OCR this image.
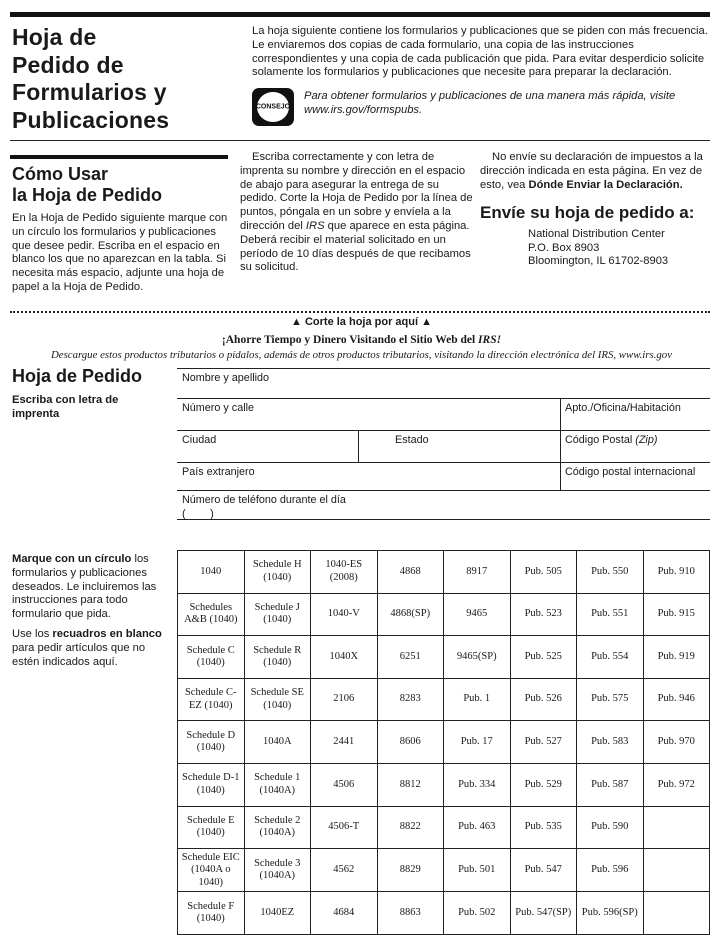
Hoja de
Pedido de
Formularios y
Publicaciones
La hoja siguiente contiene los formularios y publicaciones que se piden con más frecuencia. Le enviaremos dos copias de cada formulario, una copia de las instrucciones correspondientes y una copia de cada publicación que pida. Para evitar desperdicio solicite solamente los formularios y publicaciones que necesite para preparar la declaración.
CONSEJO
Para obtener formularios y publicaciones de una manera más rápida, visite www.irs.gov/formspubs.
Cómo Usar
la Hoja de Pedido
En la Hoja de Pedido siguiente marque con un círculo los formularios y publicaciones que desee pedir. Escriba en el espacio en blanco los que no aparezcan en la tabla. Si necesita más espacio, adjunte una hoja de papel a la Hoja de Pedido.
Escriba correctamente y con letra de imprenta su nombre y dirección en el espacio de abajo para asegurar la entrega de su pedido. Corte la Hoja de Pedido por la línea de puntos, póngala en un sobre y envíela a la dirección del IRS que aparece en esta página. Deberá recibir el material solicitado en un período de 10 días después de que recibamos su solicitud.
No envíe su declaración de impuestos a la dirección indicada en esta página. En vez de esto, vea Dónde Enviar la Declaración.
Envíe su hoja de pedido a:
National Distribution Center
P.O. Box 8903
Bloomington, IL 61702-8903
▲ Corte la hoja por aquí ▲
¡Ahorre Tiempo y Dinero Visitando el Sitio Web del IRS!
Descargue estos productos tributarios o pídalos, además de otros productos tributarios, visitando la dirección electrónica del IRS, www.irs.gov
Hoja de Pedido
Escriba con letra de imprenta
Nombre y apellido
Número y calle	Apto./Oficina/Habitación
Ciudad	Estado	Código Postal (Zip)
País extranjero	Código postal internacional
Número de teléfono durante el día
(        )
Marque con un círculo los formularios y publicaciones deseados. Le incluiremos las instrucciones para todo formulario que pida.
Use los recuadros en blanco para pedir artículos que no estén indicados aquí.
1040	Schedule H (1040)	1040-ES (2008)	4868	8917	Pub. 505	Pub. 550	Pub. 910
Schedules A&B (1040)	Schedule J (1040)	1040-V	4868(SP)	9465	Pub. 523	Pub. 551	Pub. 915
Schedule C (1040)	Schedule R (1040)	1040X	6251	9465(SP)	Pub. 525	Pub. 554	Pub. 919
Schedule C-EZ (1040)	Schedule SE (1040)	2106	8283	Pub. 1	Pub. 526	Pub. 575	Pub. 946
Schedule D (1040)	1040A	2441	8606	Pub. 17	Pub. 527	Pub. 583	Pub. 970
Schedule D-1 (1040)	Schedule 1 (1040A)	4506	8812	Pub. 334	Pub. 529	Pub. 587	Pub. 972
Schedule E (1040)	Schedule 2 (1040A)	4506-T	8822	Pub. 463	Pub. 535	Pub. 590	
Schedule EIC (1040A o 1040)	Schedule 3 (1040A)	4562	8829	Pub. 501	Pub. 547	Pub. 596	
Schedule F (1040)	1040EZ	4684	8863	Pub. 502	Pub. 547(SP)	Pub. 596(SP)	
